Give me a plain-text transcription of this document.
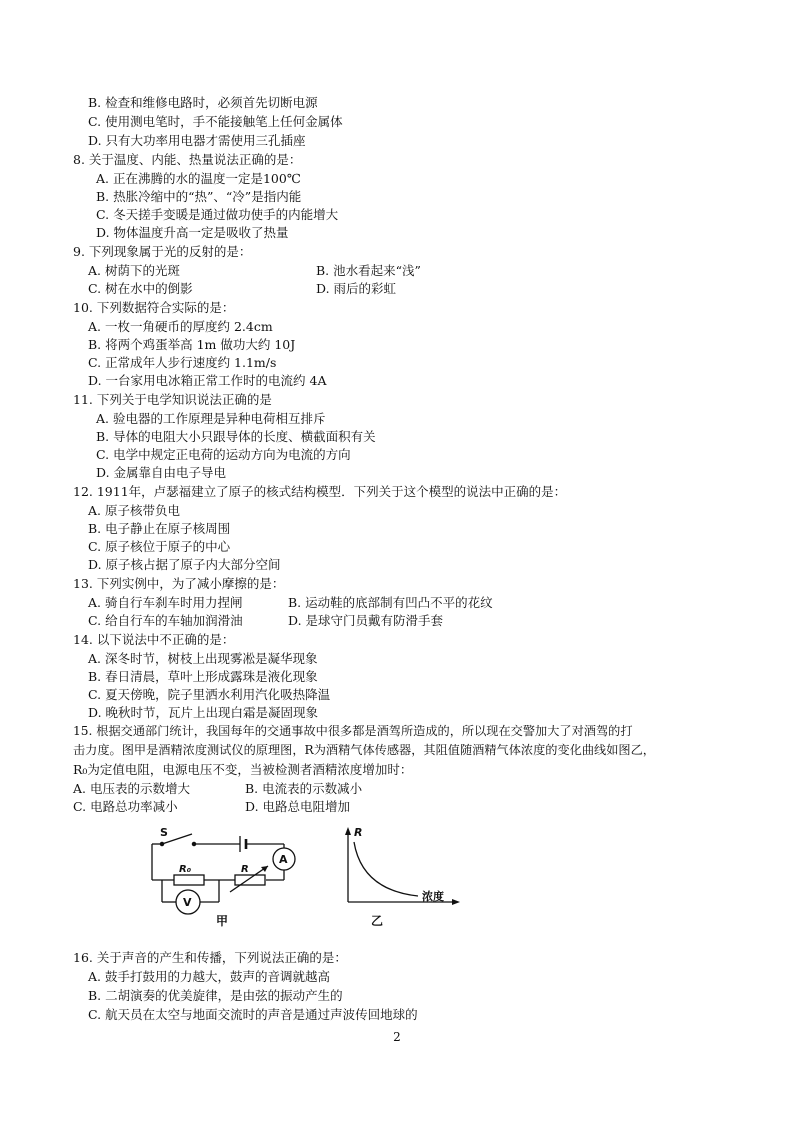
B. 检查和维修电路时，必须首先切断电源
C. 使用测电笔时，手不能接触笔上任何金属体
D. 只有大功率用电器才需使用三孔插座
8. 关于温度、内能、热量说法正确的是：
A. 正在沸腾的水的温度一定是100℃
B. 热胀冷缩中的“热”、“冷”是指内能
C. 冬天搓手变暖是通过做功使手的内能增大
D. 物体温度升高一定是吸收了热量
9. 下列现象属于光的反射的是：
A. 树荫下的光斑	B. 池水看起来“浅”
C. 树在水中的倒影	D. 雨后的彩虹
10. 下列数据符合实际的是：
A. 一枚一角硬币的厚度约 2.4cm
B. 将两个鸡蛋举高 1m 做功大约 10J
C. 正常成年人步行速度约 1.1m/s
D. 一台家用电冰箱正常工作时的电流约 4A
11. 下列关于电学知识说法正确的是
A. 验电器的工作原理是异种电荷相互排斥
B. 导体的电阻大小只跟导体的长度、横截面积有关
C. 电学中规定正电荷的运动方向为电流的方向
D. 金属靠自由电子导电
12. 1911年，卢瑟福建立了原子的核式结构模型．下列关于这个模型的说法中正确的是：
A. 原子核带负电
B. 电子静止在原子核周围
C. 原子核位于原子的中心
D. 原子核占据了原子内大部分空间
13. 下列实例中，为了减小摩擦的是：
A. 骑自行车刹车时用力捏闸	B. 运动鞋的底部制有凹凸不平的花纹
C. 给自行车的车轴加润滑油	D. 是球守门员戴有防滑手套
14. 以下说法中不正确的是：
A. 深冬时节，树枝上出现雾凇是凝华现象
B. 春日清晨，草叶上形成露珠是液化现象
C. 夏天傍晚，院子里洒水利用汽化吸热降温
D. 晚秋时节，瓦片上出现白霜是凝固现象
15. 根据交通部门统计，我国每年的交通事故中很多都是酒驾所造成的，所以现在交警加大了对酒驾的打
击力度。图甲是酒精浓度测试仪的原理图，R为酒精气体传感器，其阻值随酒精气体浓度的变化曲线如图乙，
R₀为定值电阻，电源电压不变，当被检测者酒精浓度增加时：
A. 电压表的示数增大	B. 电流表的示数减小
C. 电路总功率减小	D. 电路总电阻增加
S
R₀	R
A
V
甲
R
浓度
乙
16. 关于声音的产生和传播，下列说法正确的是：
A. 鼓手打鼓用的力越大，鼓声的音调就越高
B. 二胡演奏的优美旋律，是由弦的振动产生的
C. 航天员在太空与地面交流时的声音是通过声波传回地球的
2
